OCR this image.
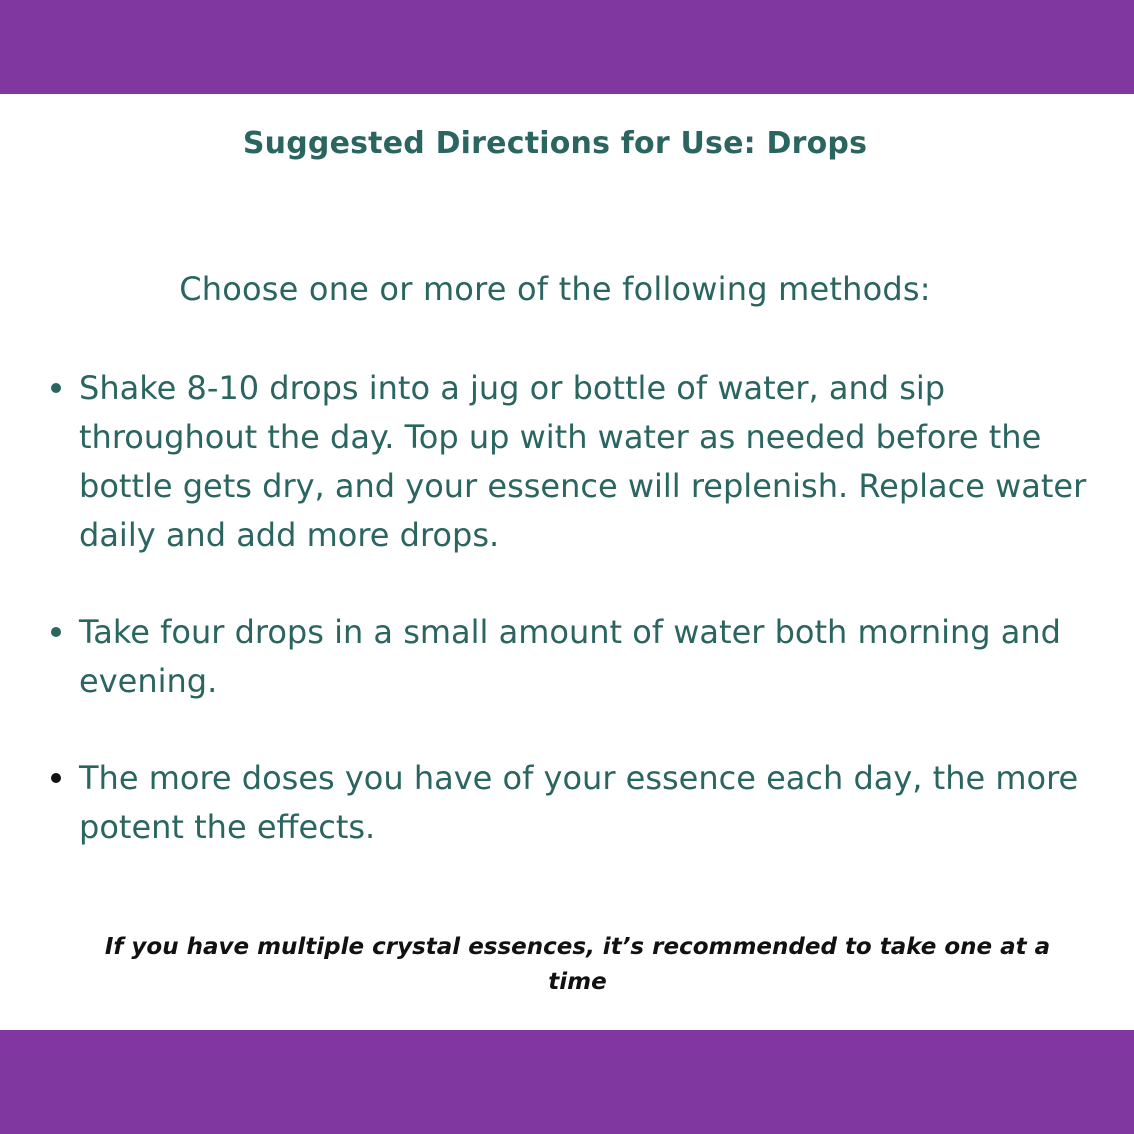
Suggested Directions for Use: Drops

Choose one or more of the following methods:

Shake 8-10 drops into a jug or bottle of water, and sip throughout the day. Top up with water as needed before the bottle gets dry, and your essence will replenish. Replace water daily and add more drops.
Take four drops in a small amount of water both morning and evening.
The more doses you have of your essence each day, the more potent the effects.

If you have multiple crystal essences, it’s recommended to take one at a time
